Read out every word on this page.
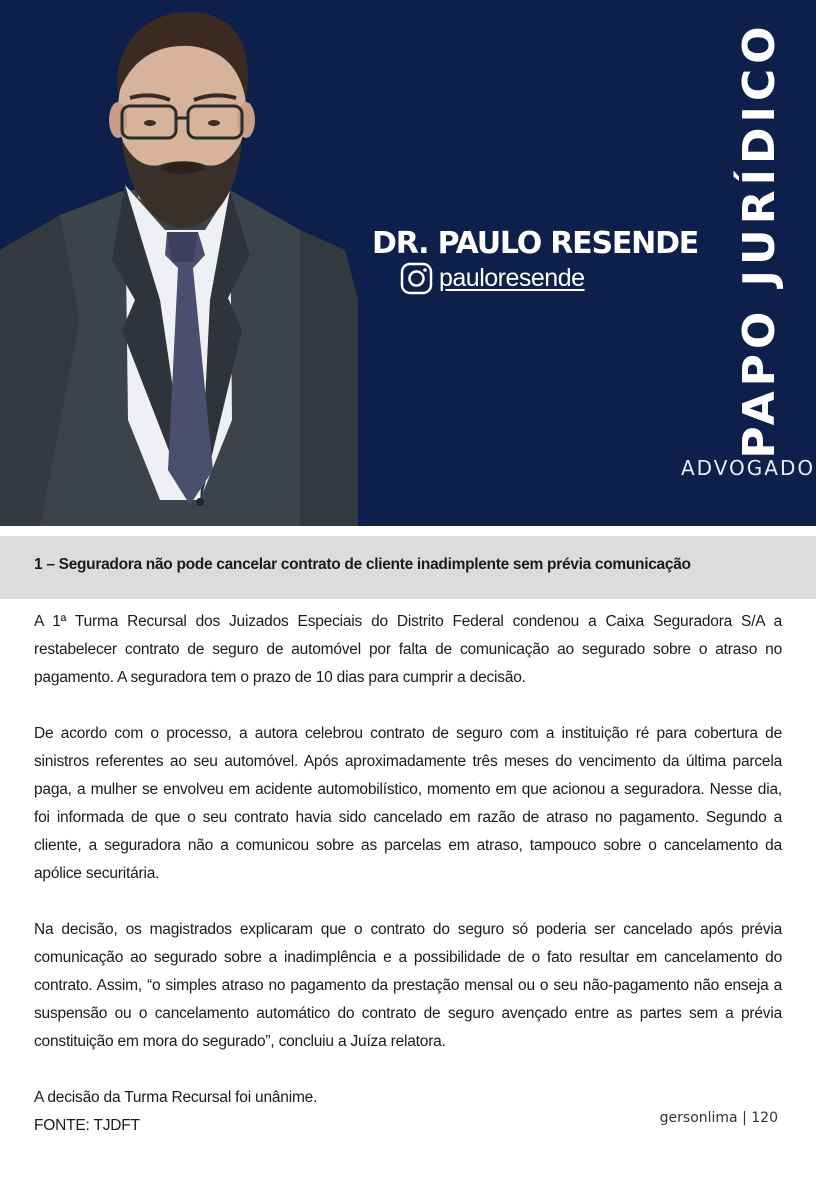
DR. PAULO RESENDE
pauloresende	PAPO JURÍDICO
ADVOGADO
1 – Seguradora não pode cancelar contrato de cliente inadimplente sem prévia comunicação

A 1ª Turma Recursal dos Juizados Especiais do Distrito Federal condenou a Caixa Seguradora S/A a restabelecer contrato de seguro de automóvel por falta de comunicação ao segurado sobre o atraso no pagamento. A seguradora tem o prazo de 10 dias para cumprir a decisão.

De acordo com o processo, a autora celebrou contrato de seguro com a instituição ré para cobertura de sinistros referentes ao seu automóvel. Após aproximadamente três meses do vencimento da última parcela paga, a mulher se envolveu em acidente automobilístico, momento em que acionou a seguradora. Nesse dia, foi informada de que o seu contrato havia sido cancelado em razão de atraso no pagamento. Segundo a cliente, a seguradora não a comunicou sobre as parcelas em atraso, tampouco sobre o cancelamento da apólice securitária.

Na decisão, os magistrados explicaram que o contrato do seguro só poderia ser cancelado após prévia comunicação ao segurado sobre a inadimplência e a possibilidade de o fato resultar em cancelamento do contrato. Assim, “o simples atraso no pagamento da prestação mensal ou o seu não-pagamento não enseja a suspensão ou o cancelamento automático do contrato de seguro avençado entre as partes sem a prévia constituição em mora do segurado”, concluiu a Juíza relatora.

A decisão da Turma Recursal foi unânime.

FONTE: TJDFT	gersonlima | 120
